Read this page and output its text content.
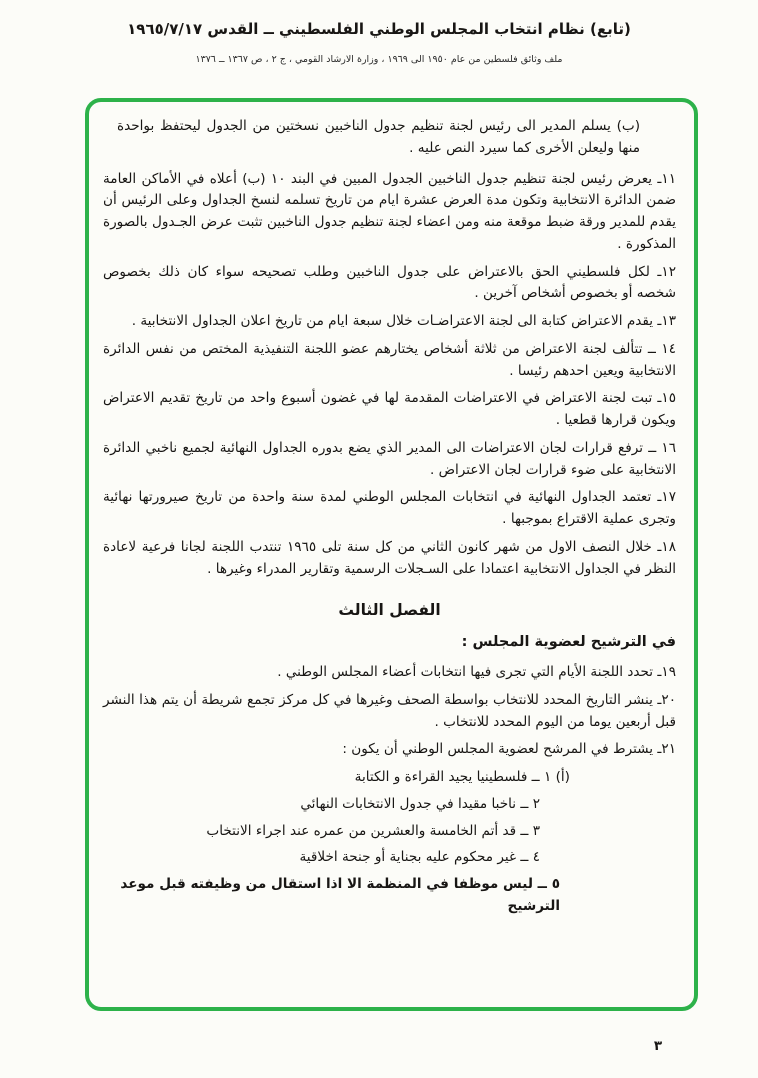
(تابع) نظام انتخاب المجلس الوطني الفلسطيني ــ القدس ١٩٦٥/٧/١٧
ملف وثائق فلسطين من عام ١٩٥٠ الى ١٩٦٩ ، وزارة الارشاد القومي ، ج ٢ ، ص ١٣٦٧ ــ ١٣٧٦
(ب) يسلم المدير الى رئيس لجنة تنظيم جدول الناخبين نسختين من الجدول ليحتفظ بواحدة منها وليعلن الأخرى كما سيرد النص عليه .
١١ـ يعرض رئيس لجنة تنظيم جدول الناخبين الجدول المبين في البند ١٠ (ب) أعلاه في الأماكن العامة ضمن الدائرة الانتخابية وتكون مدة العرض عشرة ايام من تاريخ تسلمه لنسخ الجداول وعلى الرئيس أن يقدم للمدير ورقة ضبط موقعة منه ومن اعضاء لجنة تنظيم جدول الناخبين تثبت عرض الجـدول بالصورة المذكورة .
١٢ـ لكل فلسطيني الحق بالاعتراض على جدول الناخبين وطلب تصحيحه سواء كان ذلك بخصوص شخصه أو بخصوص أشخاص آخرين .
١٣ـ يقدم الاعتراض كتابة الى لجنة الاعتراضـات خلال سبعة ايام من تاريخ اعلان الجداول الانتخابية .
١٤ ــ تتألف لجنة الاعتراض من ثلاثة أشخاص يختارهم عضو اللجنة التنفيذية المختص من نفس الدائرة الانتخابية ويعين احدهم رئيسا .
١٥ـ تبت لجنة الاعتراض في الاعتراضات المقدمة لها في غضون أسبوع واحد من تاريخ تقديم الاعتراض ويكون قرارها قطعيا .
١٦ ــ ترفع قرارات لجان الاعتراضات الى المدير الذي يضع بدوره الجداول النهائية لجميع ناخبي الدائرة الانتخابية على ضوء قرارات لجان الاعتراض .
١٧ـ تعتمد الجداول النهائية في انتخابات المجلس الوطني لمدة سنة واحدة من تاريخ صيرورتها نهائية وتجرى عملية الاقتراع بموجبها .
١٨ـ خلال النصف الاول من شهر كانون الثاني من كل سنة تلى ١٩٦٥ تنتدب اللجنة لجانا فرعية لاعادة النظر في الجداول الانتخابية اعتمادا على السـجلات الرسمية وتقارير المدراء وغيرها .
الفصل الثالث
في الترشيح لعضوية المجلس :
١٩ـ تحدد اللجنة الأيام التي تجرى فيها انتخابات أعضاء المجلس الوطني .
٢٠ـ ينشر التاريخ المحدد للانتخاب بواسطة الصحف وغيرها في كل مركز تجمع شريطة أن يتم هذا النشر قبل أربعين يوما من اليوم المحدد للانتخاب .
٢١ـ يشترط في المرشح لعضوية المجلس الوطني أن يكون :
(أ) ١ ــ فلسطينيا يجيد القراءة و الكتابة
٢ ــ ناخبا مقيدا في جدول الانتخابات النهائي
٣ ــ قد أتم الخامسة والعشرين من عمره عند اجراء الانتخاب
٤ ــ غير محكوم عليه بجناية أو جنحة اخلاقية
٥ ــ ليس موظفا في المنظمة الا اذا استقال من وظيفته قبل موعد الترشيح
٣
